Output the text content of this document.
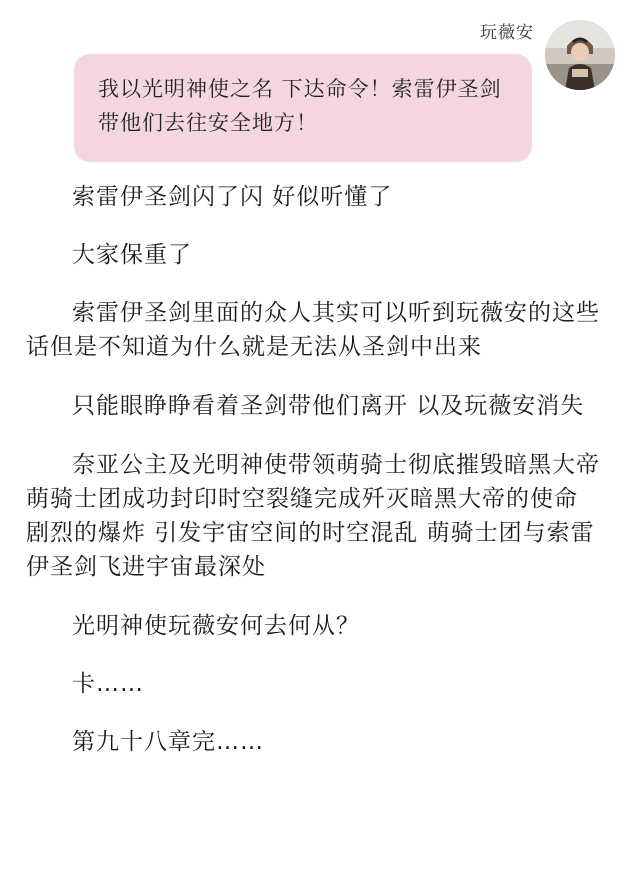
玩薇安
我以光明神使之名 下达命令！索雷伊圣剑带他们去往安全地方！

索雷伊圣剑闪了闪 好似听懂了

大家保重了

索雷伊圣剑里面的众人其实可以听到玩薇安的这些话但是不知道为什么就是无法从圣剑中出来

只能眼睁睁看着圣剑带他们离开 以及玩薇安消失

奈亚公主及光明神使带领萌骑士彻底摧毁暗黑大帝 萌骑士团成功封印时空裂缝完成歼灭暗黑大帝的使命 剧烈的爆炸 引发宇宙空间的时空混乱 萌骑士团与索雷伊圣剑飞进宇宙最深处

光明神使玩薇安何去何从？

卡……

第九十八章完……
